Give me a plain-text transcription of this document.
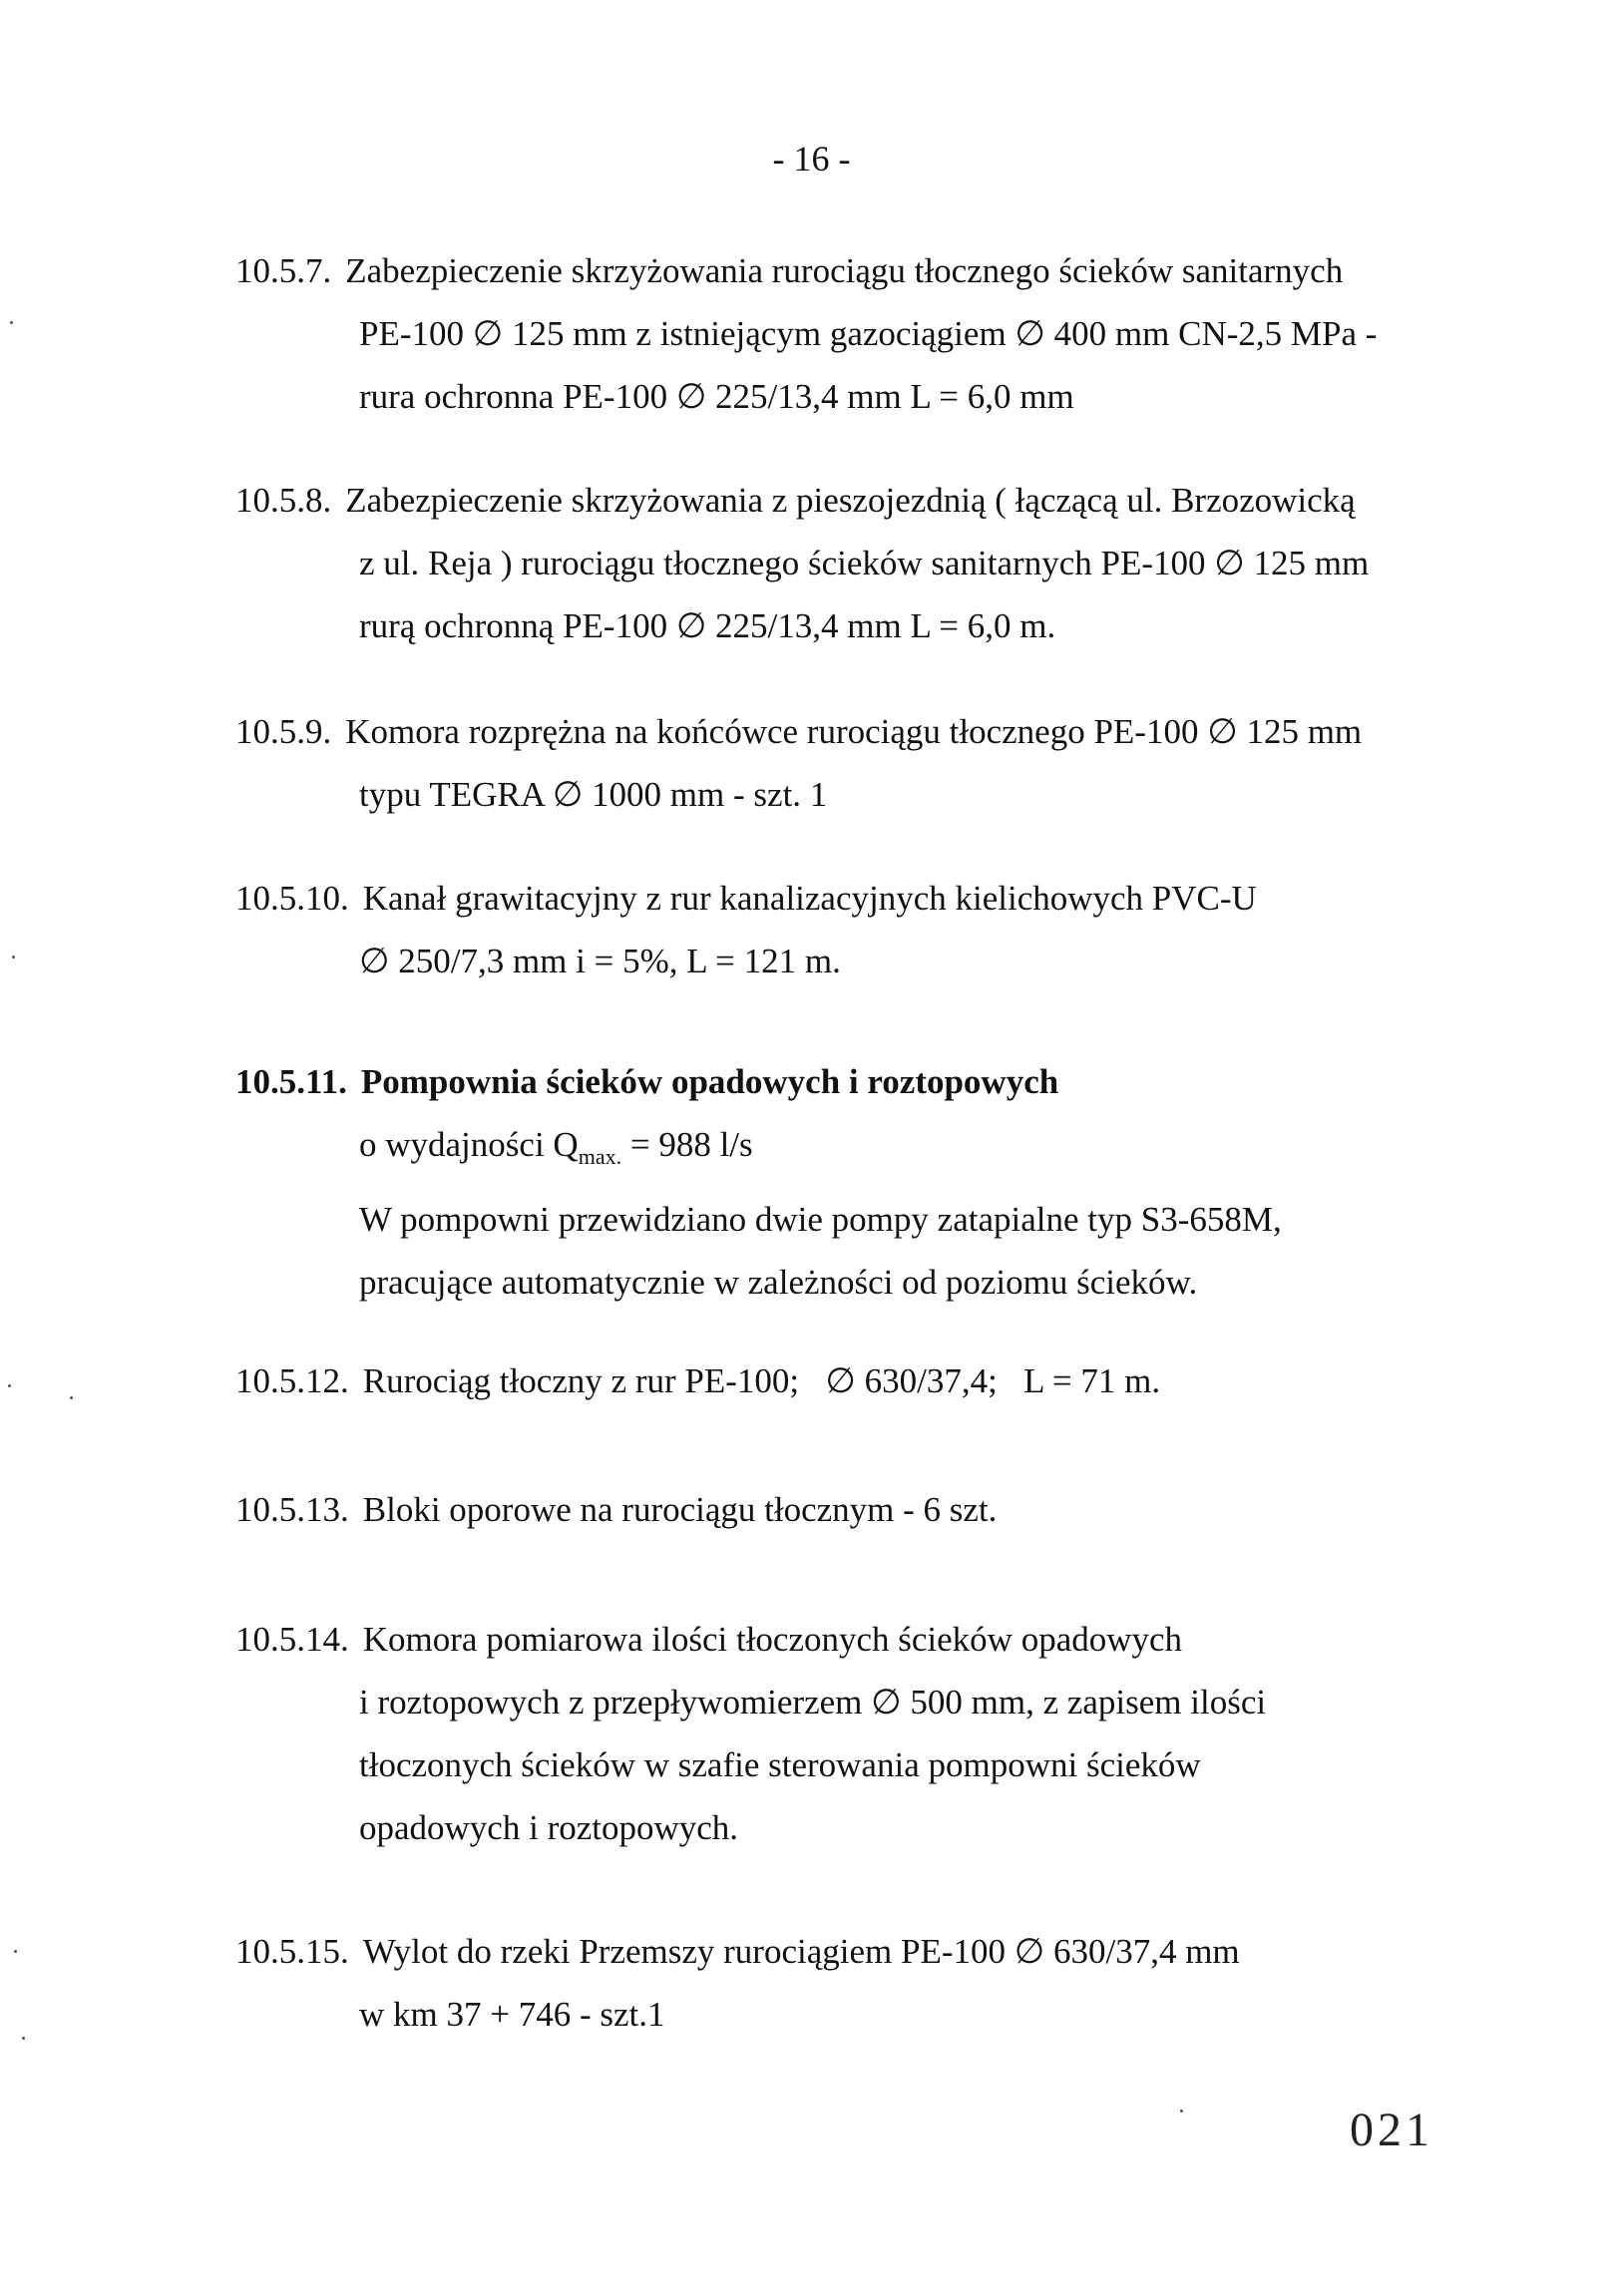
- 16 -
10.5.7. Zabezpieczenie skrzyżowania rurociągu tłocznego ścieków sanitarnych
PE-100 ∅ 125 mm z istniejącym gazociągiem ∅ 400 mm CN-2,5 MPa -
rura ochronna PE-100 ∅ 225/13,4 mm L = 6,0 mm
10.5.8. Zabezpieczenie skrzyżowania z pieszojezdnią ( łączącą ul. Brzozowicką
z ul. Reja ) rurociągu tłocznego ścieków sanitarnych PE-100 ∅ 125 mm
rurą ochronną PE-100 ∅ 225/13,4 mm L = 6,0 m.
10.5.9. Komora rozprężna na końcówce rurociągu tłocznego PE-100 ∅ 125 mm
typu TEGRA ∅ 1000 mm - szt. 1
10.5.10. Kanał grawitacyjny z rur kanalizacyjnych kielichowych PVC-U
∅ 250/7,3 mm i = 5%, L = 121 m.
10.5.11. Pompownia ścieków opadowych i roztopowych
o wydajności $Q_{max.} = 988$ l/s
W pompowni przewidziano dwie pompy zatapialne typ S3-658M,
pracujące automatycznie w zależności od poziomu ścieków.
10.5.12. Rurociąg tłoczny z rur PE-100;   ∅ 630/37,4;   L = 71 m.
10.5.13. Bloki oporowe na rurociągu tłocznym - 6 szt.
10.5.14. Komora pomiarowa ilości tłoczonych ścieków opadowych
i roztopowych z przepływomierzem ∅ 500 mm, z zapisem ilości
tłoczonych ścieków w szafie sterowania pompowni ścieków
opadowych i roztopowych.
10.5.15. Wylot do rzeki Przemszy rurociągiem PE-100 ∅ 630/37,4 mm
w km 37 + 746 - szt.1
021
